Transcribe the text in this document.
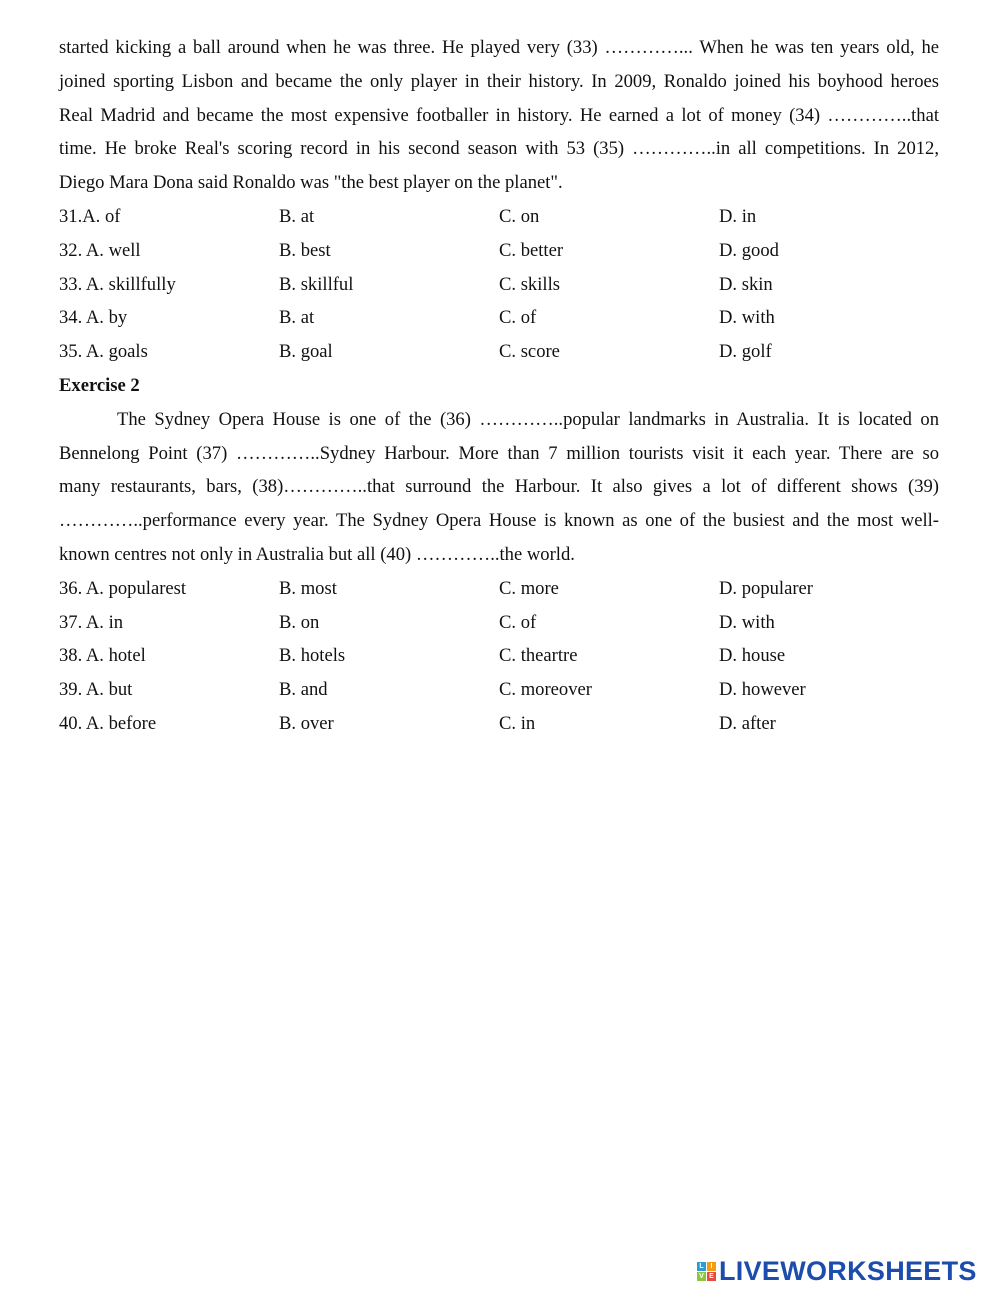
started kicking a ball around when he was three. He played very (33) …………... When he was ten years old, he
joined sporting Lisbon and became the only player in their history. In 2009, Ronaldo joined his boyhood heroes
Real Madrid and became the most expensive footballer in history. He earned a lot of money (34) …………..that
time. He broke Real's scoring record in his second season with 53 (35) …………..in all competitions. In 2012,
Diego Mara Dona said Ronaldo was "the best player on the planet".
31.A. of	B. at	C. on	D. in
32. A. well	B. best	C. better	D. good
33. A. skillfully	B. skillful	C. skills	D. skin
34. A. by	B. at	C. of	D. with
35. A. goals	B. goal	C. score	D. golf
Exercise 2
The Sydney Opera House is one of the (36) …………..popular landmarks in Australia. It is located on
Bennelong Point (37) …………..Sydney Harbour. More than 7 million tourists visit it each year. There are so
many restaurants, bars, (38)…………..that surround the Harbour. It also gives a lot of different shows (39)
…………..performance every year. The Sydney Opera House is known as one of the busiest and the most well-
known centres not only in Australia but all (40) …………..the world.
36. A. popularest	B. most	C. more	D. popularer
37. A. in	B. on	C. of	D. with
38. A. hotel	B. hotels	C. theartre	D. house
39. A. but	B. and	C. moreover	D. however
40. A. before	B. over	C. in	D. after
L I
V E LIVEWORKSHEETS
